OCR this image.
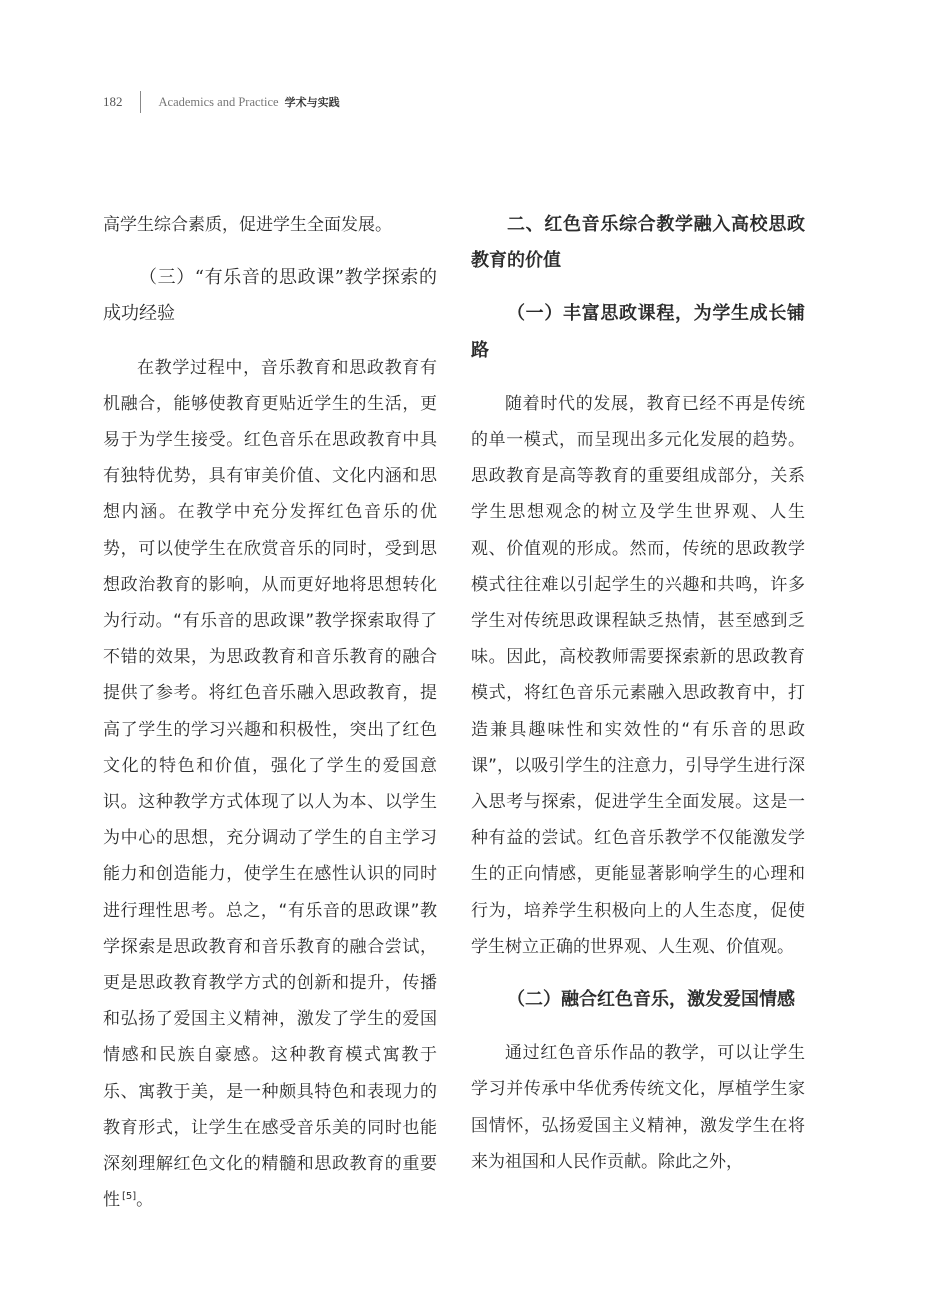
182	Academics and Practice 学术与实践

高学生综合素质，促进学生全面发展。

（三）“有乐音的思政课”教学探索的成功经验

在教学过程中，音乐教育和思政教育有机融合，能够使教育更贴近学生的生活，更易于为学生接受。红色音乐在思政教育中具有独特优势，具有审美价值、文化内涵和思想内涵。在教学中充分发挥红色音乐的优势，可以使学生在欣赏音乐的同时，受到思想政治教育的影响，从而更好地将思想转化为行动。“有乐音的思政课”教学探索取得了不错的效果，为思政教育和音乐教育的融合提供了参考。将红色音乐融入思政教育，提高了学生的学习兴趣和积极性，突出了红色文化的特色和价值，强化了学生的爱国意识。这种教学方式体现了以人为本、以学生为中心的思想，充分调动了学生的自主学习能力和创造能力，使学生在感性认识的同时进行理性思考。总之，“有乐音的思政课”教学探索是思政教育和音乐教育的融合尝试，更是思政教育教学方式的创新和提升，传播和弘扬了爱国主义精神，激发了学生的爱国情感和民族自豪感。这种教育模式寓教于乐、寓教于美，是一种颇具特色和表现力的教育形式，让学生在感受音乐美的同时也能深刻理解红色文化的精髓和思政教育的重要性 [5]。

二、红色音乐综合教学融入高校思政教育的价值

（一）丰富思政课程，为学生成长铺路

随着时代的发展，教育已经不再是传统的单一模式，而呈现出多元化发展的趋势。思政教育是高等教育的重要组成部分，关系学生思想观念的树立及学生世界观、人生观、价值观的形成。然而，传统的思政教学模式往往难以引起学生的兴趣和共鸣，许多学生对传统思政课程缺乏热情，甚至感到乏味。因此，高校教师需要探索新的思政教育模式，将红色音乐元素融入思政教育中，打造兼具趣味性和实效性的“有乐音的思政课”，以吸引学生的注意力，引导学生进行深入思考与探索，促进学生全面发展。这是一种有益的尝试。红色音乐教学不仅能激发学生的正向情感，更能显著影响学生的心理和行为，培养学生积极向上的人生态度，促使学生树立正确的世界观、人生观、价值观。

（二）融合红色音乐，激发爱国情感

通过红色音乐作品的教学，可以让学生学习并传承中华优秀传统文化，厚植学生家国情怀，弘扬爱国主义精神，激发学生在将来为祖国和人民作贡献。除此之外，
